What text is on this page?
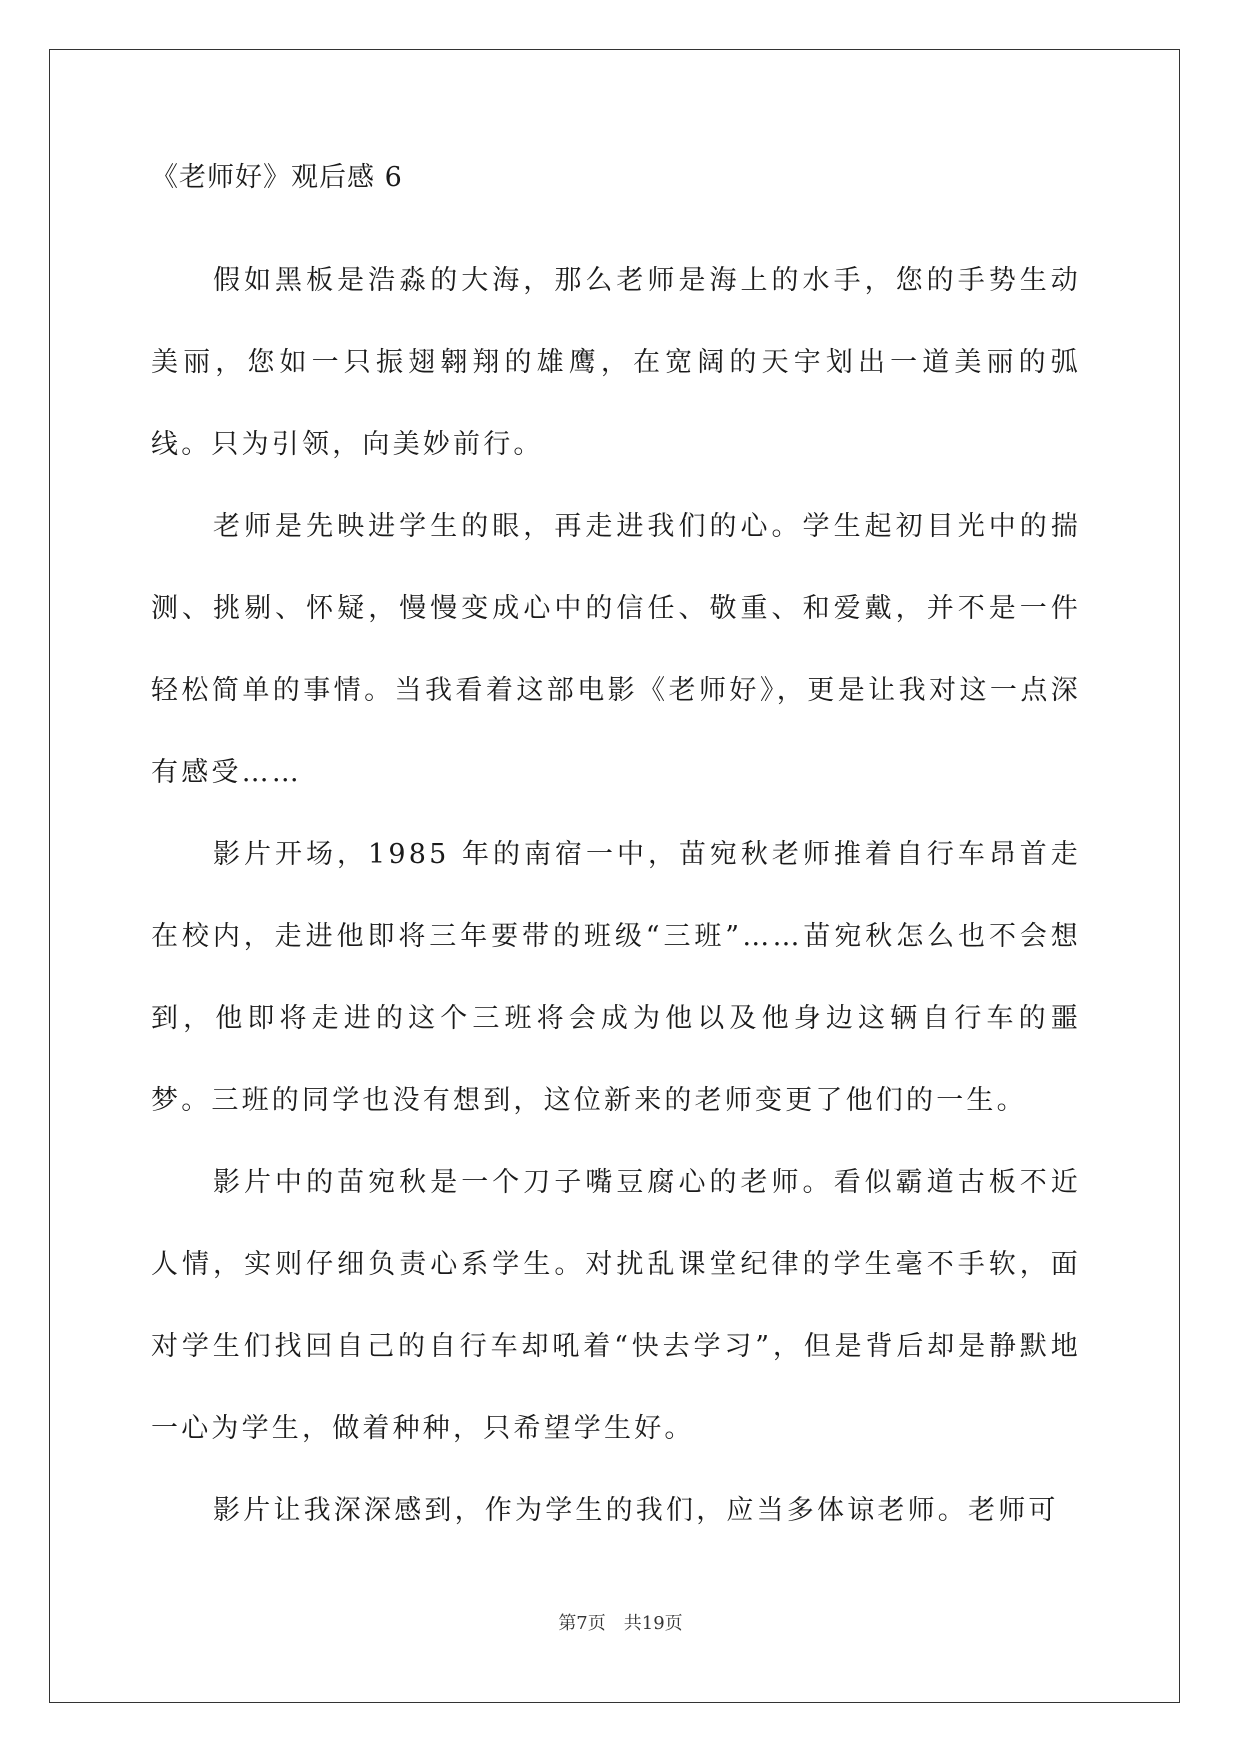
《老师好》观后感 6

假如黑板是浩淼的大海，那么老师是海上的水手，您的手势生动美丽，您如一只振翅翱翔的雄鹰，在宽阔的天宇划出一道美丽的弧线。只为引领，向美妙前行。

老师是先映进学生的眼，再走进我们的心。学生起初目光中的揣测、挑剔、怀疑，慢慢变成心中的信任、敬重、和爱戴，并不是一件轻松简单的事情。当我看着这部电影《老师好》，更是让我对这一点深有感受……

影片开场，1985 年的南宿一中，苗宛秋老师推着自行车昂首走在校内，走进他即将三年要带的班级“三班”……苗宛秋怎么也不会想到，他即将走进的这个三班将会成为他以及他身边这辆自行车的噩梦。三班的同学也没有想到，这位新来的老师变更了他们的一生。

影片中的苗宛秋是一个刀子嘴豆腐心的老师。看似霸道古板不近人情，实则仔细负责心系学生。对扰乱课堂纪律的学生毫不手软，面对学生们找回自己的自行车却吼着“快去学习”，但是背后却是静默地一心为学生，做着种种，只希望学生好。

影片让我深深感到，作为学生的我们，应当多体谅老师。老师可

第7页 共19页
